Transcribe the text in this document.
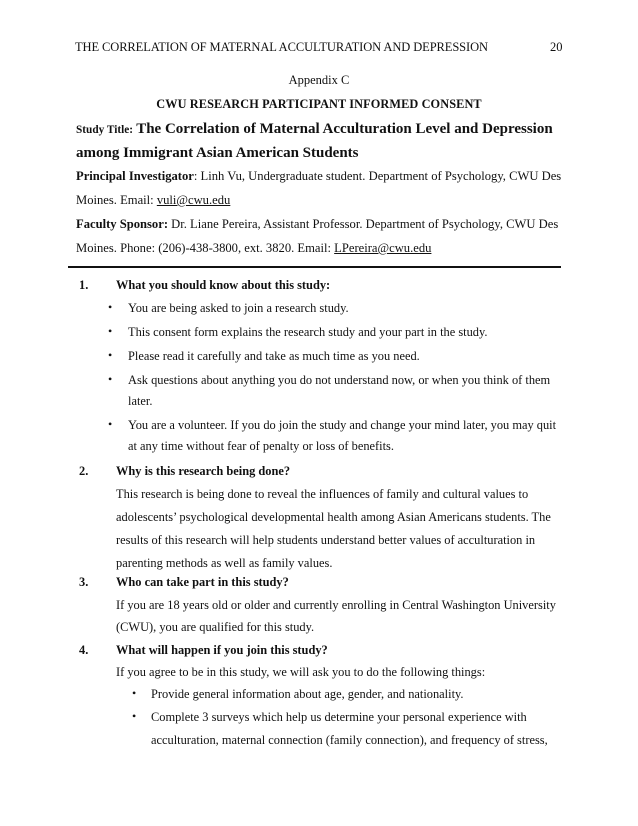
THE CORRELATION OF MATERNAL ACCULTURATION AND DEPRESSION	20
Appendix C
CWU RESEARCH PARTICIPANT INFORMED CONSENT
Study Title: The Correlation of Maternal Acculturation Level and Depression
among Immigrant Asian American Students
Principal Investigator: Linh Vu, Undergraduate student. Department of Psychology, CWU Des
Moines. Email: vuli@cwu.edu
Faculty Sponsor: Dr. Liane Pereira, Assistant Professor. Department of Psychology, CWU Des
Moines. Phone: (206)-438-3800, ext. 3820. Email: LPereira@cwu.edu
1. What you should know about this study:
• You are being asked to join a research study.
• This consent form explains the research study and your part in the study.
• Please read it carefully and take as much time as you need.
• Ask questions about anything you do not understand now, or when you think of them
later.
• You are a volunteer. If you do join the study and change your mind later, you may quit
at any time without fear of penalty or loss of benefits.
2. Why is this research being done?
This research is being done to reveal the influences of family and cultural values to
adolescents’ psychological developmental health among Asian Americans students. The
results of this research will help students understand better values of acculturation in
parenting methods as well as family values.
3. Who can take part in this study?
If you are 18 years old or older and currently enrolling in Central Washington University
(CWU), you are qualified for this study.
4. What will happen if you join this study?
If you agree to be in this study, we will ask you to do the following things:
• Provide general information about age, gender, and nationality.
• Complete 3 surveys which help us determine your personal experience with
acculturation, maternal connection (family connection), and frequency of stress,
